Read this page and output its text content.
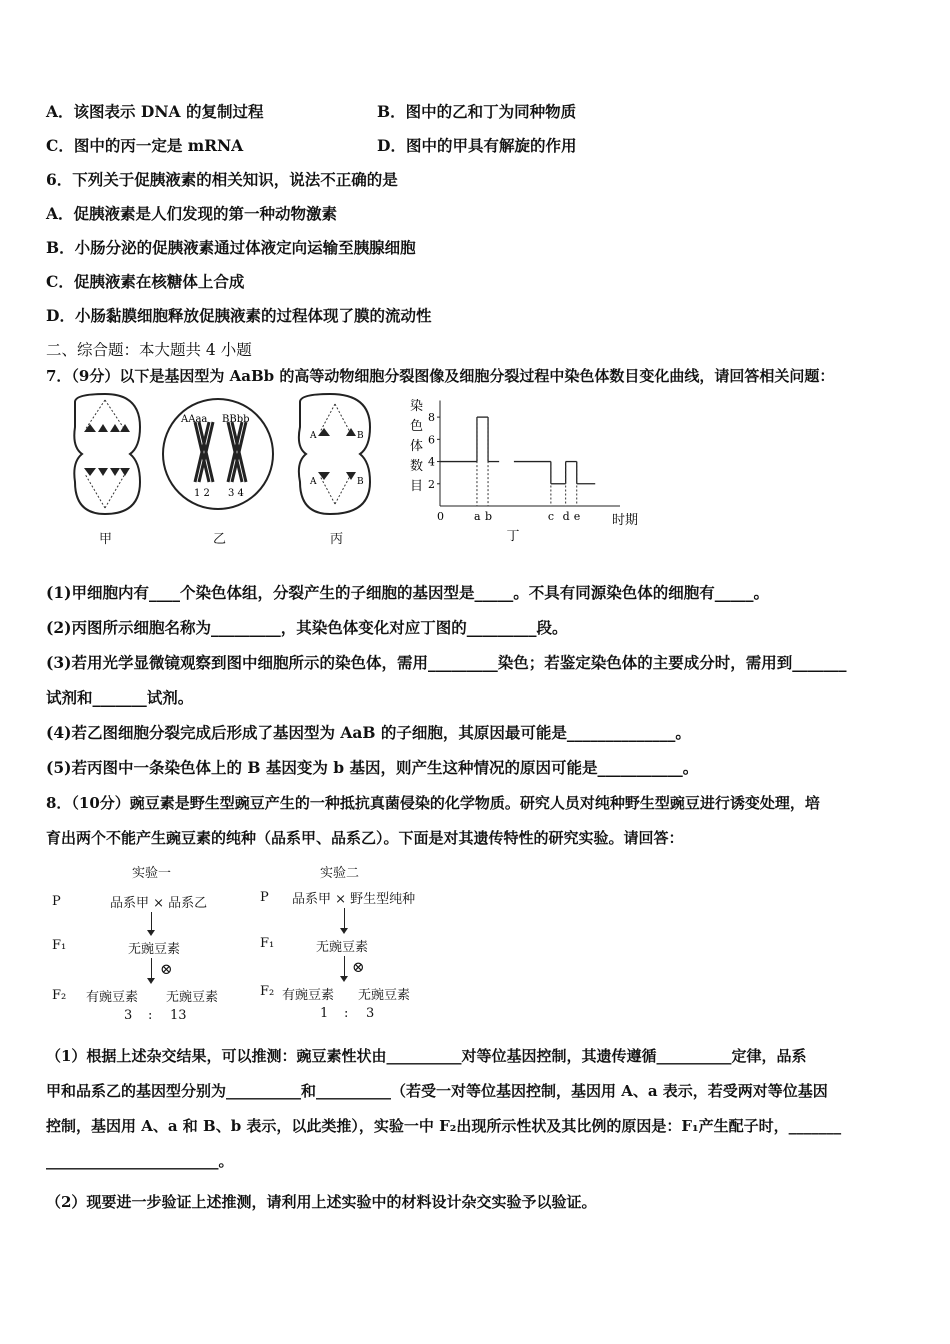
A．该图表示 DNA 的复制过程	B．图中的乙和丁为同种物质
C．图中的丙一定是 mRNA	D．图中的甲具有解旋的作用
6．下列关于促胰液素的相关知识，说法不正确的是
A．促胰液素是人们发现的第一种动物激素
B．小肠分泌的促胰液素通过体液定向运输至胰腺细胞
C．促胰液素在核糖体上合成
D．小肠黏膜细胞释放促胰液素的过程体现了膜的流动性
二、综合题：本大题共 4 小题
7．（9分）以下是基因型为 AaBb 的高等动物细胞分裂图像及细胞分裂过程中染色体数目变化曲线，请回答相关问题：
AAaa BBbb
1 2 3 4
A	B
A	B
甲	乙	丙
染
色
体
数
目 2
4
6
8
0	a b	c d e 时期
丁
(1)甲细胞内有____个染色体组，分裂产生的子细胞的基因型是_____。不具有同源染色体的细胞有_____。
(2)丙图所示细胞名称为_________，其染色体变化对应丁图的_________段。
(3)若用光学显微镜观察到图中细胞所示的染色体，需用_________染色；若鉴定染色体的主要成分时，需用到_______
试剂和_______试剂。
(4)若乙图细胞分裂完成后形成了基因型为 AaB 的子细胞，其原因最可能是______________。
(5)若丙图中一条染色体上的 B 基因变为 b 基因，则产生这种情况的原因可能是___________。
8．（10分）豌豆素是野生型豌豆产生的一种抵抗真菌侵染的化学物质。研究人员对纯种野生型豌豆进行诱变处理，培
育出两个不能产生豌豆素的纯种（品系甲、品系乙）。下面是对其遗传特性的研究实验。请回答：
实验一
P	品系甲 × 品系乙
F₁	无豌豆素
⊗
F₂ 有豌豆素 无豌豆素
3 : 13
实验二
P 品系甲 × 野生型纯种
F₁	无豌豆素
⊗
F₂ 有豌豆素 无豌豆素
1 : 3
（1）根据上述杂交结果，可以推测：豌豆素性状由__________对等位基因控制，其遗传遵循__________定律，品系
甲和品系乙的基因型分别为__________和__________（若受一对等位基因控制，基因用 A、a 表示，若受两对等位基因
控制，基因用 A、a 和 B、b 表示，以此类推），实验一中 F₂出现所示性状及其比例的原因是：F₁产生配子时，_______
_______________________。
（2）现要进一步验证上述推测，请利用上述实验中的材料设计杂交实验予以验证。
